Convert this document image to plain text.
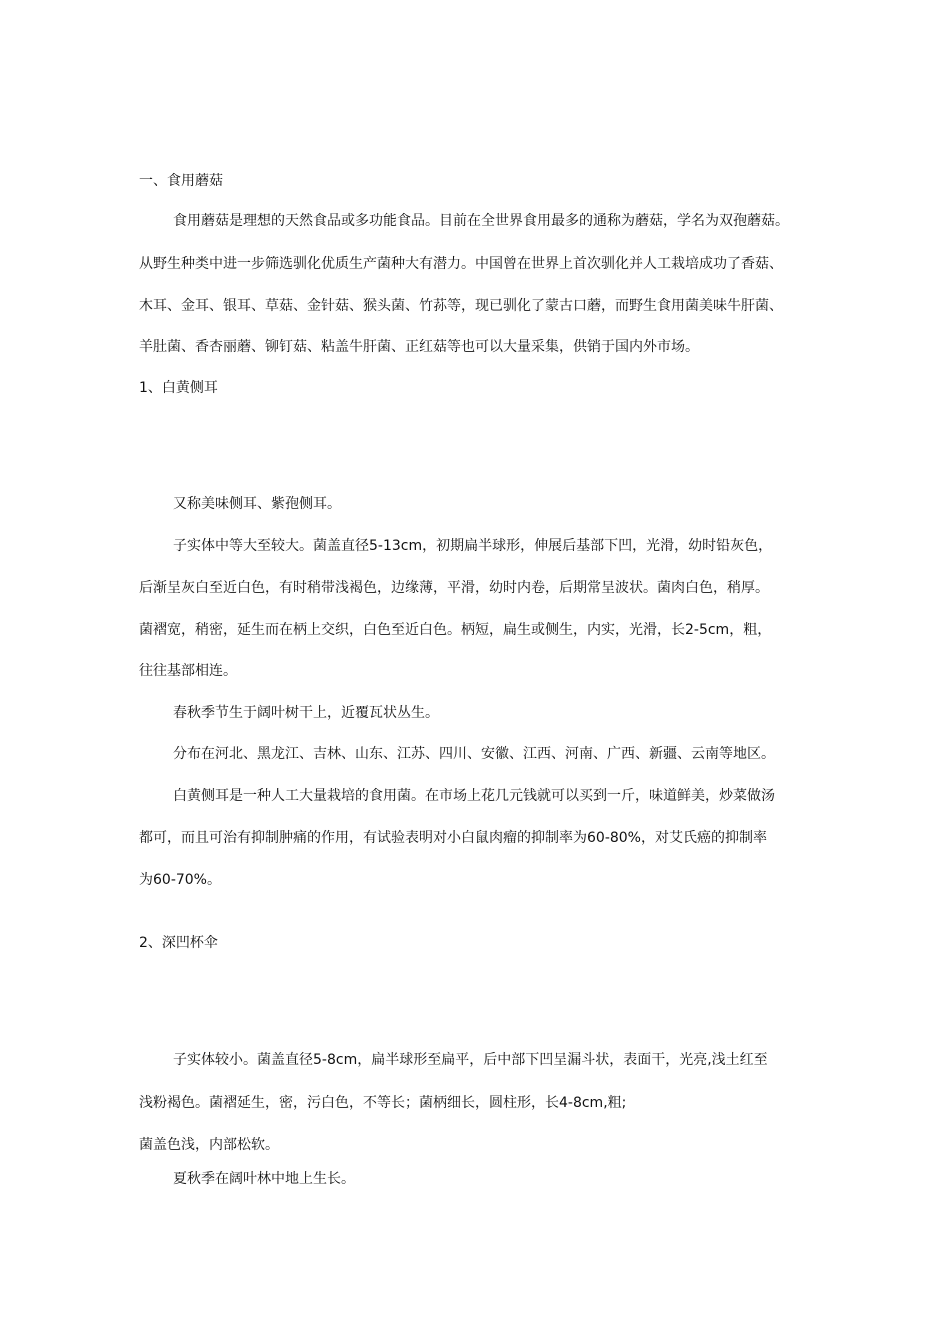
一、食用蘑菇
食用蘑菇是理想的天然食品或多功能食品。目前在全世界食用最多的通称为蘑菇，学名为双孢蘑菇。
从野生种类中进一步筛选驯化优质生产菌种大有潜力。中国曾在世界上首次驯化并人工栽培成功了香菇、
木耳、金耳、银耳、草菇、金针菇、猴头菌、竹荪等，现已驯化了蒙古口蘑，而野生食用菌美味牛肝菌、
羊肚菌、香杏丽蘑、铆钉菇、粘盖牛肝菌、正红菇等也可以大量采集，供销于国内外市场。
1、白黄侧耳
又称美味侧耳、紫孢侧耳。
子实体中等大至较大。菌盖直径5-13cm，初期扁半球形，伸展后基部下凹，光滑，幼时铅灰色，
后渐呈灰白至近白色，有时稍带浅褐色，边缘薄，平滑，幼时内卷，后期常呈波状。菌肉白色，稍厚。
菌褶宽，稍密，延生而在柄上交织，白色至近白色。柄短，扁生或侧生，内实，光滑，长2-5cm，粗，
往往基部相连。
春秋季节生于阔叶树干上，近覆瓦状丛生。
分布在河北、黑龙江、吉林、山东、江苏、四川、安徽、江西、河南、广西、新疆、云南等地区。
白黄侧耳是一种人工大量栽培的食用菌。在市场上花几元钱就可以买到一斤，味道鲜美，炒菜做汤
都可，而且可治有抑制肿痛的作用，有试验表明对小白鼠肉瘤的抑制率为60-80%，对艾氏癌的抑制率
为60-70%。
2、深凹杯伞
子实体较小。菌盖直径5-8cm，扁半球形至扁平，后中部下凹呈漏斗状，表面干，光亮,浅土红至
浅粉褐色。菌褶延生，密，污白色，不等长；菌柄细长，圆柱形，长4-8cm,粗;
菌盖色浅，内部松软。
夏秋季在阔叶林中地上生长。
